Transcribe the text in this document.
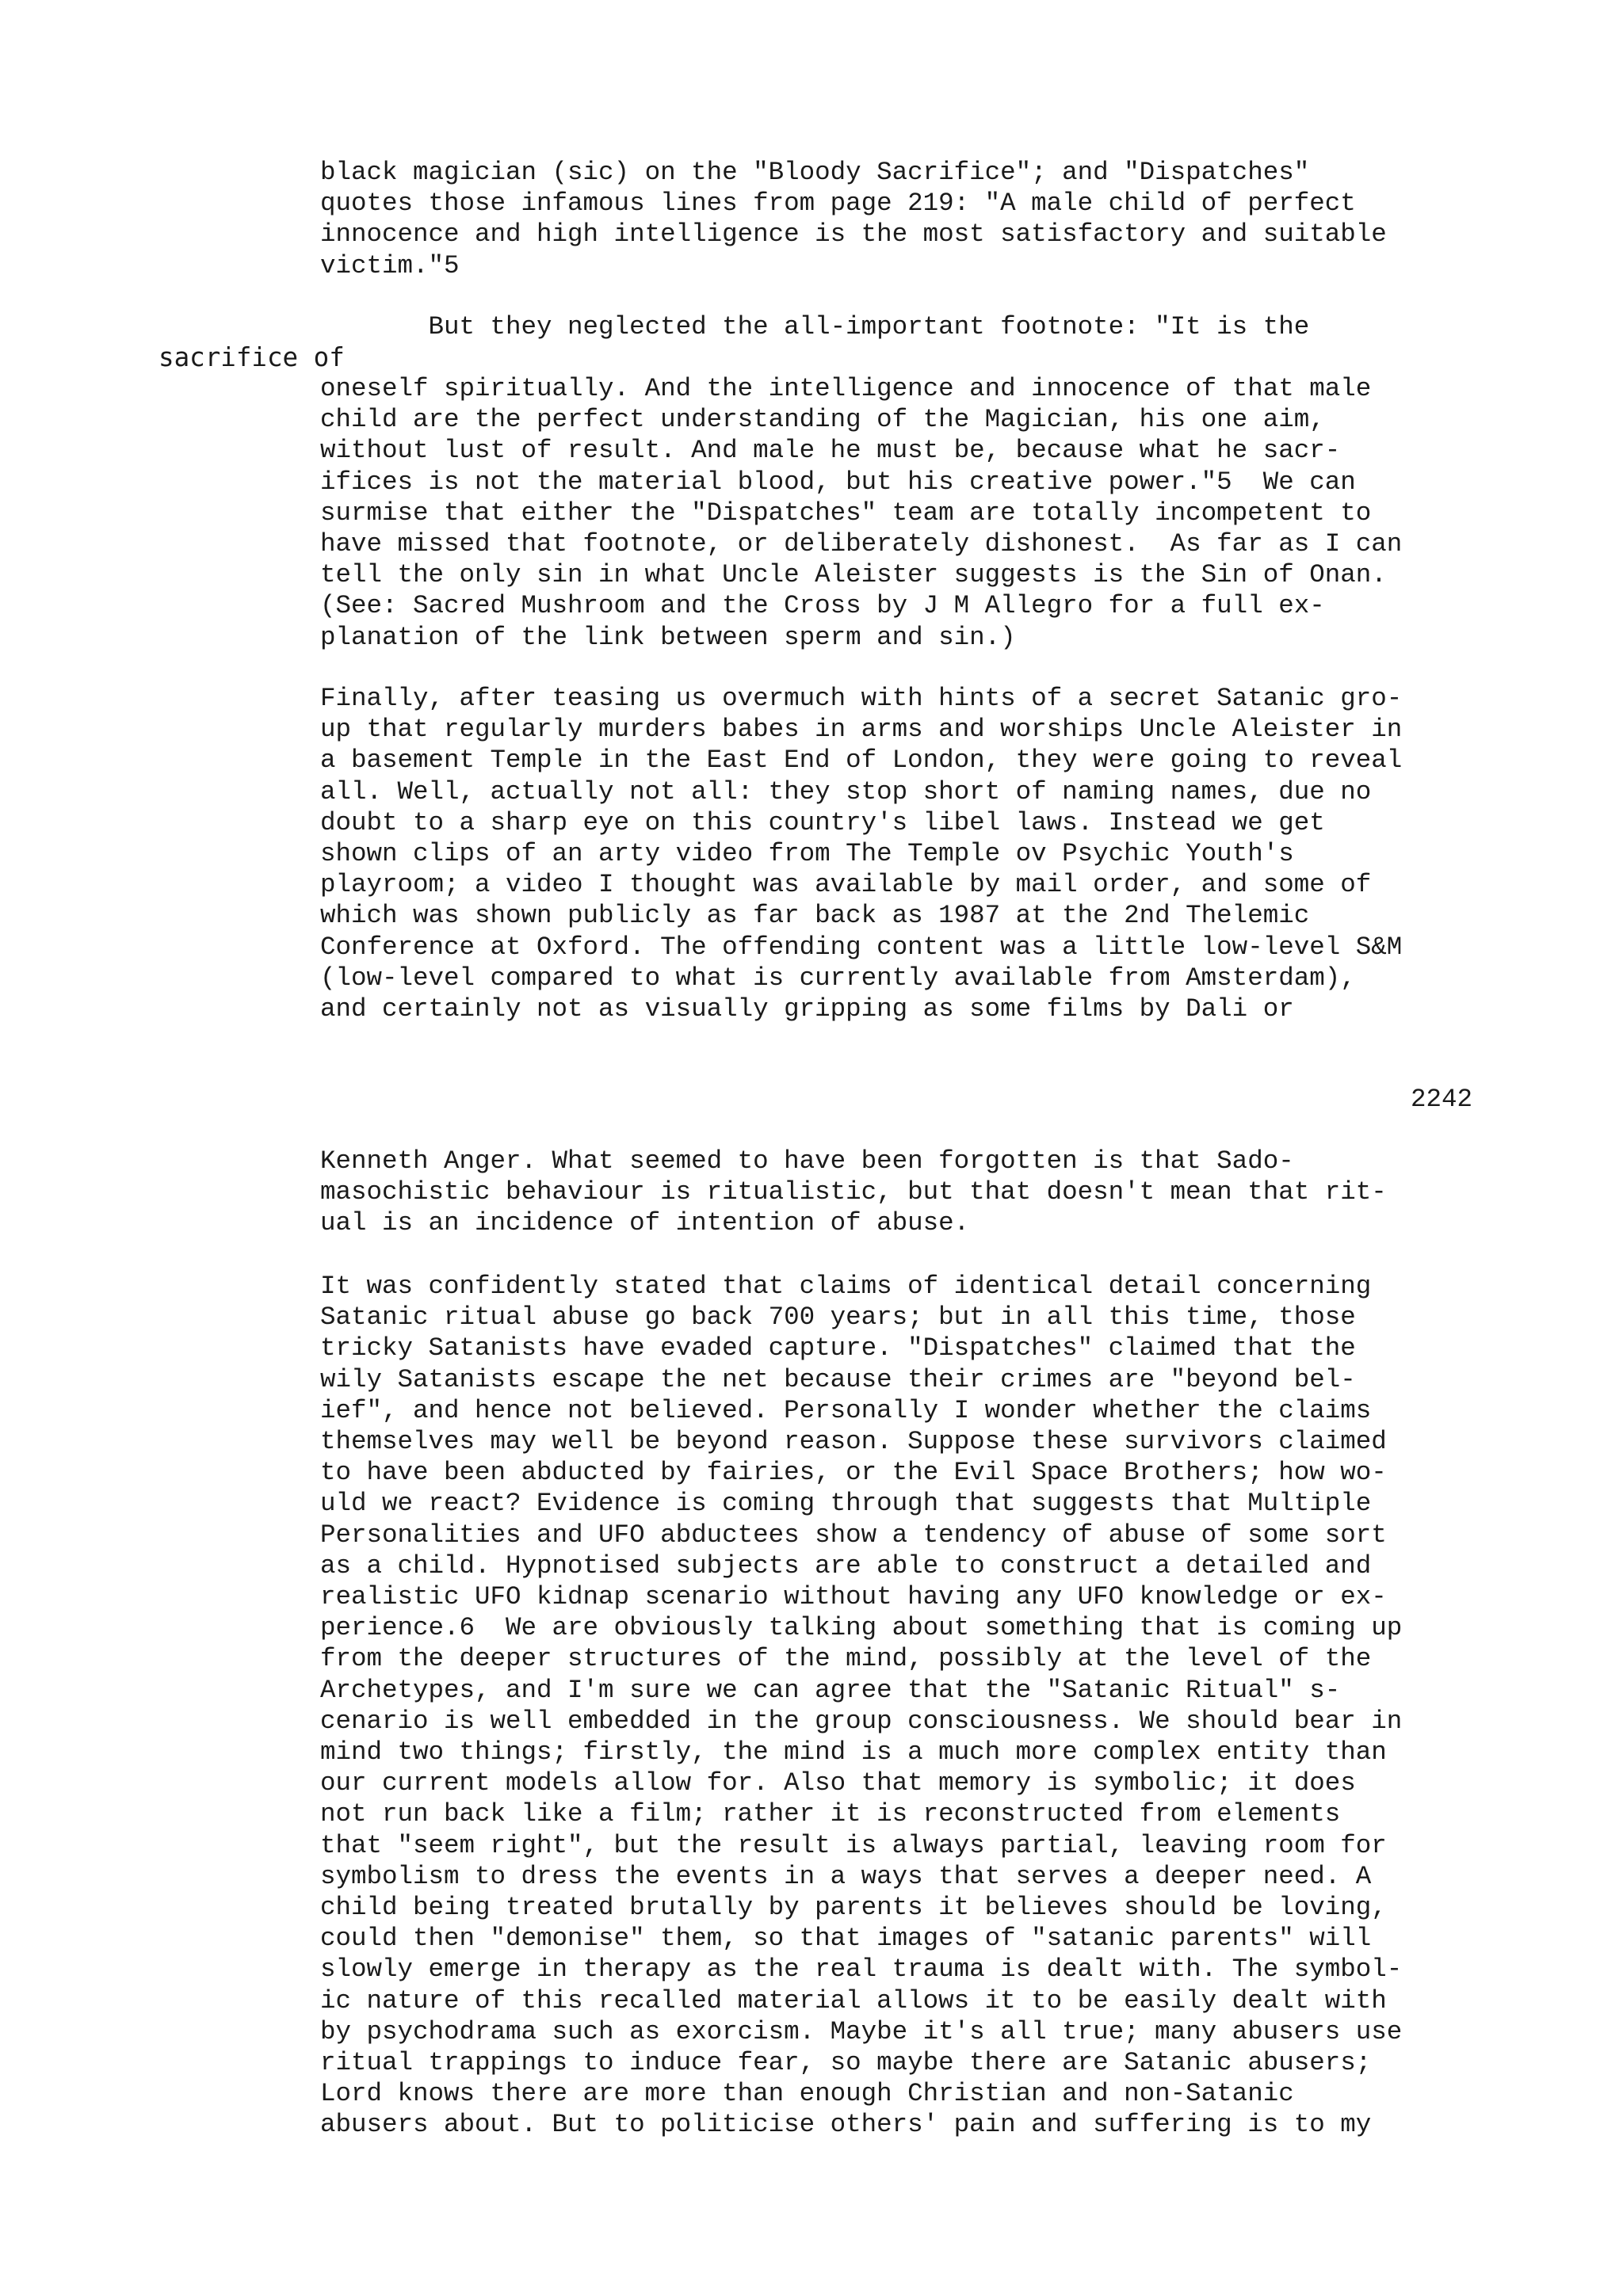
black magician (sic) on the "Bloody Sacrifice"; and "Dispatches"
quotes those infamous lines from page 219: "A male child of perfect
innocence and high intelligence is the most satisfactory and suitable
victim."5
But they neglected the all-important footnote: "It is the
sacrifice of
oneself spiritually. And the intelligence and innocence of that male
child are the perfect understanding of the Magician, his one aim,
without lust of result. And male he must be, because what he sacr-
ifices is not the material blood, but his creative power."5  We can
surmise that either the "Dispatches" team are totally incompetent to
have missed that footnote, or deliberately dishonest.  As far as I can
tell the only sin in what Uncle Aleister suggests is the Sin of Onan.
(See: Sacred Mushroom and the Cross by J M Allegro for a full ex-
planation of the link between sperm and sin.)
Finally, after teasing us overmuch with hints of a secret Satanic gro-
up that regularly murders babes in arms and worships Uncle Aleister in
a basement Temple in the East End of London, they were going to reveal
all. Well, actually not all: they stop short of naming names, due no
doubt to a sharp eye on this country's libel laws. Instead we get
shown clips of an arty video from The Temple ov Psychic Youth's
playroom; a video I thought was available by mail order, and some of
which was shown publicly as far back as 1987 at the 2nd Thelemic
Conference at Oxford. The offending content was a little low-level S&M
(low-level compared to what is currently available from Amsterdam),
and certainly not as visually gripping as some films by Dali or
2242
Kenneth Anger. What seemed to have been forgotten is that Sado-
masochistic behaviour is ritualistic, but that doesn't mean that rit-
ual is an incidence of intention of abuse.
It was confidently stated that claims of identical detail concerning
Satanic ritual abuse go back 700 years; but in all this time, those
tricky Satanists have evaded capture. "Dispatches" claimed that the
wily Satanists escape the net because their crimes are "beyond bel-
ief", and hence not believed. Personally I wonder whether the claims
themselves may well be beyond reason. Suppose these survivors claimed
to have been abducted by fairies, or the Evil Space Brothers; how wo-
uld we react? Evidence is coming through that suggests that Multiple
Personalities and UFO abductees show a tendency of abuse of some sort
as a child. Hypnotised subjects are able to construct a detailed and
realistic UFO kidnap scenario without having any UFO knowledge or ex-
perience.6  We are obviously talking about something that is coming up
from the deeper structures of the mind, possibly at the level of the
Archetypes, and I'm sure we can agree that the "Satanic Ritual" s-
cenario is well embedded in the group consciousness. We should bear in
mind two things; firstly, the mind is a much more complex entity than
our current models allow for. Also that memory is symbolic; it does
not run back like a film; rather it is reconstructed from elements
that "seem right", but the result is always partial, leaving room for
symbolism to dress the events in a ways that serves a deeper need. A
child being treated brutally by parents it believes should be loving,
could then "demonise" them, so that images of "satanic parents" will
slowly emerge in therapy as the real trauma is dealt with. The symbol-
ic nature of this recalled material allows it to be easily dealt with
by psychodrama such as exorcism. Maybe it's all true; many abusers use
ritual trappings to induce fear, so maybe there are Satanic abusers;
Lord knows there are more than enough Christian and non-Satanic
abusers about. But to politicise others' pain and suffering is to my
